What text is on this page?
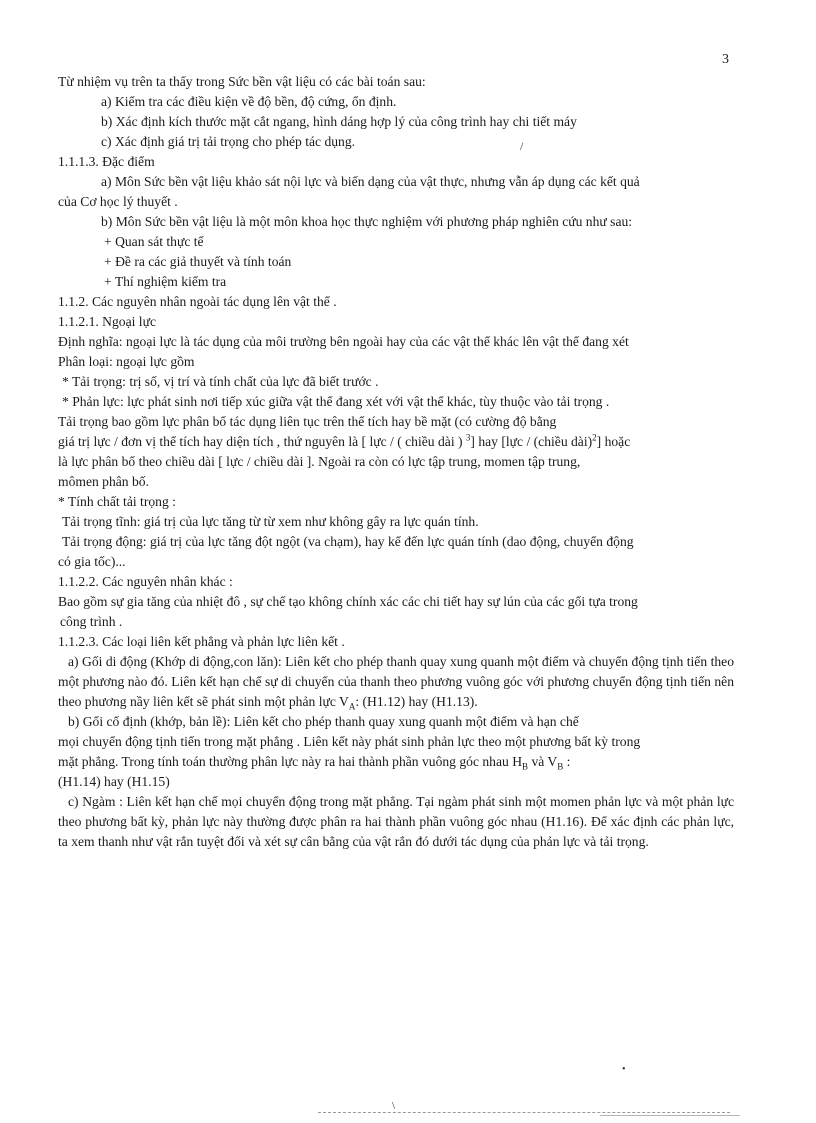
3
Từ nhiệm vụ trên ta thấy trong Sức bền vật liệu có các bài toán sau:
a) Kiểm tra các điều kiện về độ bền, độ cứng, ổn định.
b) Xác định kích thước mặt cắt ngang, hình dáng hợp lý của công trình hay chi tiết máy
c) Xác định giá trị tải trọng cho phép tác dụng.
1.1.1.3. Đặc điểm
a) Môn Sức bền vật liệu khảo sát nội lực và biến dạng của vật thực, nhưng vẫn áp dụng các kết quả
của Cơ học lý thuyết .
b) Môn Sức bền vật liệu là một môn khoa học thực nghiệm với phương pháp nghiên cứu như sau:
+ Quan sát thực tế
+ Đề ra các giả thuyết và tính toán
+ Thí nghiệm kiểm tra
1.1.2. Các nguyên nhân ngoài tác dụng lên vật thể .
1.1.2.1. Ngoại lực
Định nghĩa: ngoại lực là tác dụng của môi trường bên ngoài hay của các vật thể khác lên vật thể đang xét
Phân loại: ngoại lực gồm
* Tải trọng: trị số, vị trí và tính chất của lực đã biết trước .
* Phản lực: lực phát sinh nơi tiếp xúc giữa vật thể đang xét với vật thể khác, tùy thuộc vào tải trọng .
Tải trọng bao gồm lực phân bố tác dụng liên tục trên thể tích hay bề mặt (có cường độ bằng
giá trị lực / đơn vị thể tích hay diện tích , thứ nguyên là [ lực / ( chiều dài ) $^3$] hay [lực / (chiều dài)$^2$] hoặc
là lực phân bố theo chiều dài [ lực / chiều dài ]. Ngoài ra còn có lực tập trung, momen tập trung,
mômen phân bố.
* Tính chất tải trọng :
Tải trọng tĩnh: giá trị của lực tăng từ từ xem như không gây ra lực quán tính.
Tải trọng động: giá trị của lực tăng đột ngột (va chạm), hay kể đến lực quán tính (dao động, chuyển động
có gia tốc)...
1.1.2.2. Các nguyên nhân khác :
Bao gồm sự gia tăng của nhiệt đô , sự chế tạo không chính xác các chi tiết hay sự lún của các gối tựa trong
công trình .
1.1.2.3. Các loại liên kết phẳng và phản lực liên kết .
a) Gối di động (Khớp di động,con lăn): Liên kết cho phép thanh quay xung quanh một điểm và chuyển động tịnh tiến theo một phương nào đó. Liên kết hạn chế sự di chuyển của thanh theo phương vuông góc với phương chuyển động tịnh tiến nên theo phương nầy liên kết sẽ phát sinh một phản lực $V_A$: (H1.12) hay (H1.13).
b) Gối cố định (khớp, bản lề): Liên kết cho phép thanh quay xung quanh một điểm và hạn chế
mọi chuyển động tịnh tiến trong mặt phẳng . Liên kết này phát sinh phản lực theo một phương bất kỳ trong
mặt phẳng. Trong tính toán thường phân lực này ra hai thành phần vuông góc nhau $H_B$ và $V_B$ :
(H1.14) hay (H1.15)
c) Ngàm : Liên kết hạn chế mọi chuyển động trong mặt phẳng. Tại ngàm phát sinh một momen phản lực và một phản lực theo phương bất kỳ, phản lực này thường được phân ra hai thành phần vuông góc nhau (H1.16). Để xác định các phản lực, ta xem thanh như vật rắn tuyệt đối và xét sự cân bằng của vật rắn đó dưới tác dụng của phản lực và tải trọng.
/
•
\
